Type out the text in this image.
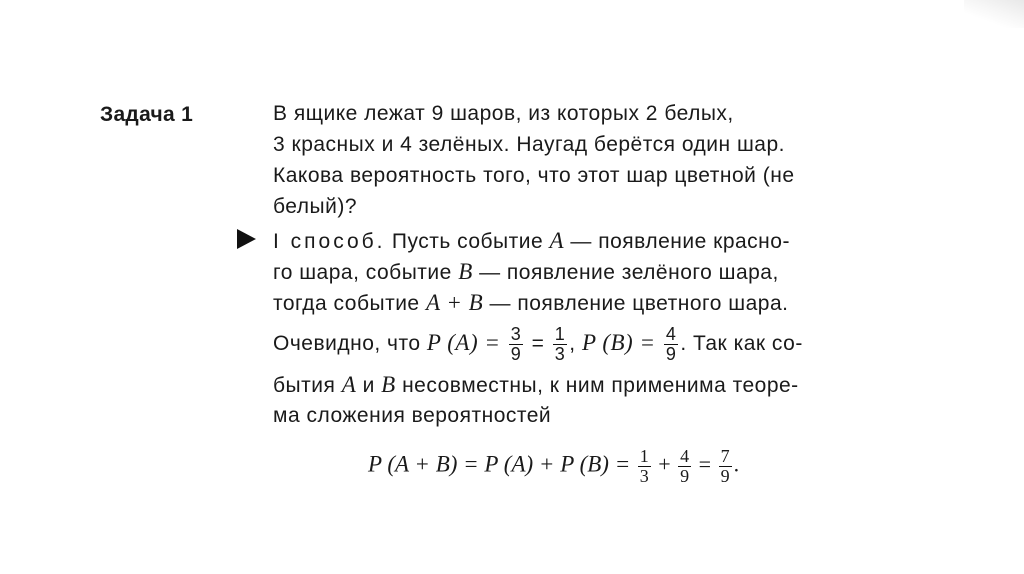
Задача 1	В ящике лежат 9 шаров, из которых 2 белых,
3 красных и 4 зелёных. Наугад берётся один шар.
Какова вероятность того, что этот шар цветной (не
белый)?
I способ. Пусть событие A — появление красно-
го шара, событие B — появление зелёного шара,
тогда событие A + B — появление цветного шара.
Очевидно, что P $(A) = \frac{3}{9} = \frac{1}{3}$ , P $(B) = \frac{4}{9}$ . Так как со-
бытия A и B несовместны, к ним применима теоре-
ма сложения вероятностей
P (A + B) = P (A) + P $(B) = \frac{1}{3} + \frac{4}{9} = \frac{7}{9}$ .
